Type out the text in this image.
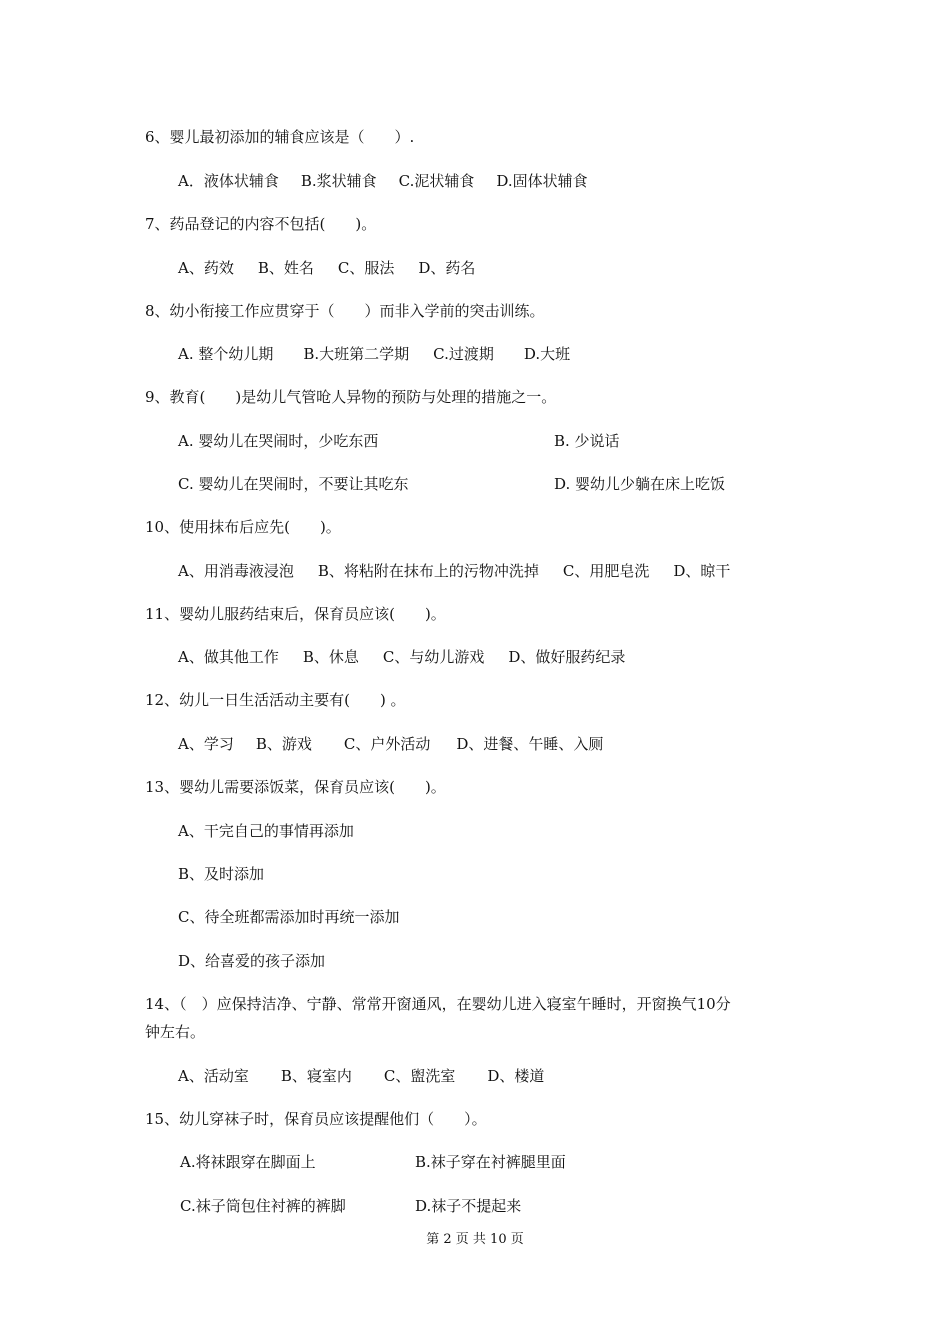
6、婴儿最初添加的辅食应该是（　　）.
A．液体状辅食 B.浆状辅食 C.泥状辅食 D.固体状辅食
7、药品登记的内容不包括(　　)。
A、药效 B、姓名 C、服法 D、药名
8、幼小衔接工作应贯穿于（　　）而非入学前的突击训练。
A. 整个幼儿期 B.大班第二学期 C.过渡期 D.大班
9、教育(　　)是幼儿气管呛人异物的预防与处理的措施之一。
A. 婴幼儿在哭闹时，少吃东西	B. 少说话
C. 婴幼儿在哭闹时，不要让其吃东	D. 婴幼儿少躺在床上吃饭
10、使用抹布后应先(　　)。
A、用消毒液浸泡 B、将粘附在抹布上的污物冲洗掉 C、用肥皂洗 D、晾干
11、婴幼儿服药结束后，保育员应该(　　)。
A、做其他工作 B、休息 C、与幼儿游戏 D、做好服药纪录
12、幼儿一日生活活动主要有(　　) 。
A、学习 B、游戏 C、户外活动 D、进餐、午睡、入厕
13、婴幼儿需要添饭菜，保育员应该(　　)。
A、干完自己的事情再添加
B、及时添加
C、待全班都需添加时再统一添加
D、给喜爱的孩子添加
14、（　）应保持洁净、宁静、常常开窗通风，在婴幼儿进入寝室午睡时，开窗换气10分
钟左右。
A、活动室 B、寝室内 C、盥洗室 D、楼道
15、幼儿穿袜子时，保育员应该提醒他们（　　）。
A.将袜跟穿在脚面上	B.袜子穿在衬裤腿里面
C.袜子筒包住衬裤的裤脚	D.袜子不提起来
第 2 页 共 10 页
